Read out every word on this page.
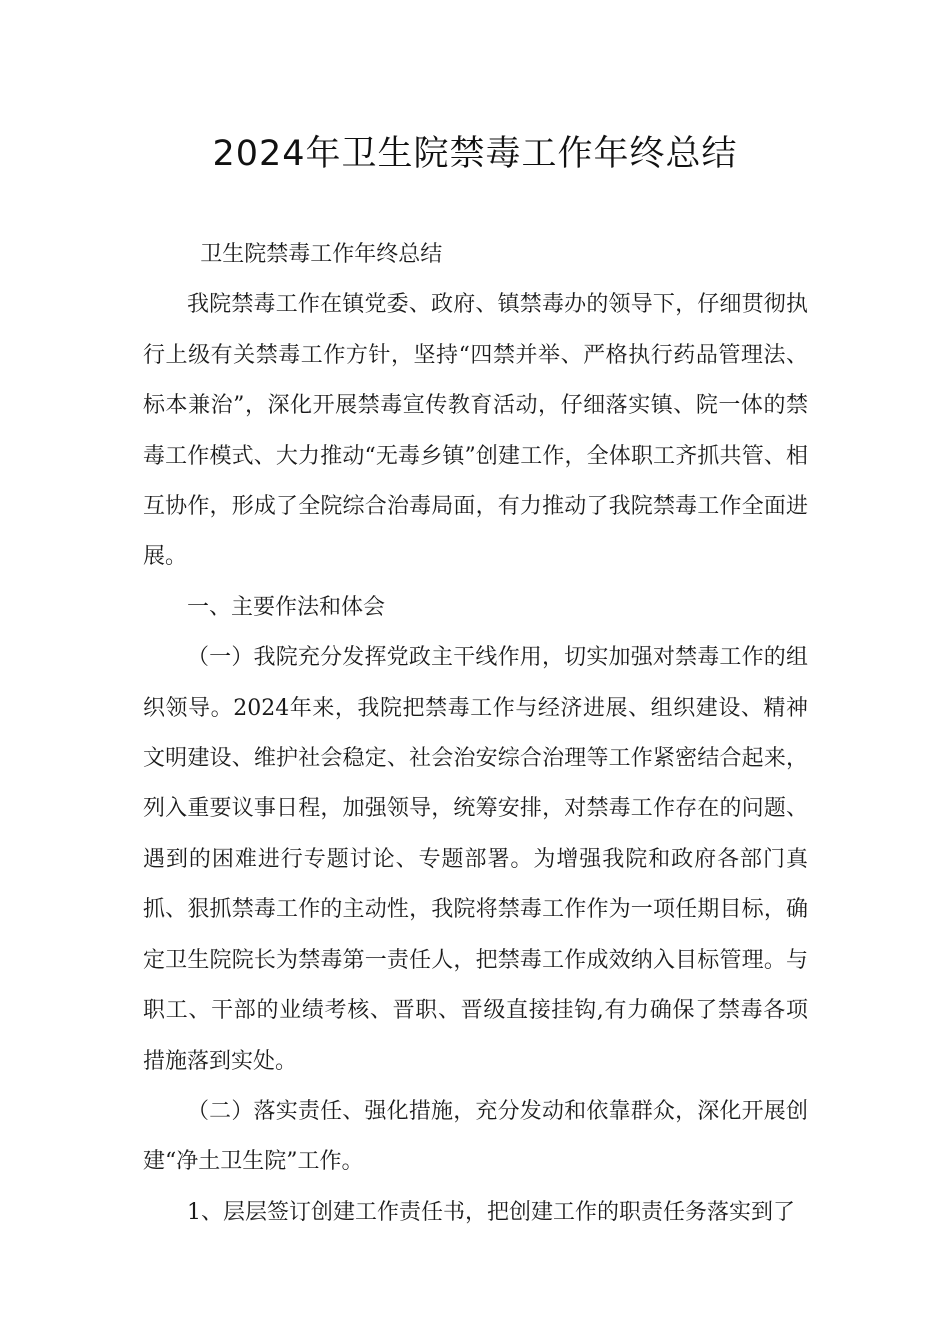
2024年卫生院禁毒工作年终总结

卫生院禁毒工作年终总结

我院禁毒工作在镇党委、政府、镇禁毒办的领导下，仔细贯彻执行上级有关禁毒工作方针，坚持“四禁并举、严格执行药品管理法、标本兼治”，深化开展禁毒宣传教育活动，仔细落实镇、院一体的禁毒工作模式、大力推动“无毒乡镇”创建工作，全体职工齐抓共管、相互协作，形成了全院综合治毒局面，有力推动了我院禁毒工作全面进展。

一、主要作法和体会

（一）我院充分发挥党政主干线作用，切实加强对禁毒工作的组织领导。2024年来，我院把禁毒工作与经济进展、组织建设、精神文明建设、维护社会稳定、社会治安综合治理等工作紧密结合起来，列入重要议事日程，加强领导，统筹安排，对禁毒工作存在的问题、遇到的困难进行专题讨论、专题部署。为增强我院和政府各部门真抓、狠抓禁毒工作的主动性，我院将禁毒工作作为一项任期目标，确定卫生院院长为禁毒第一责任人，把禁毒工作成效纳入目标管理。与职工、干部的业绩考核、晋职、晋级直接挂钩,有力确保了禁毒各项措施落到实处。

（二）落实责任、强化措施，充分发动和依靠群众，深化开展创建“净土卫生院”工作。

1、层层签订创建工作责任书，把创建工作的职责任务落实到了
